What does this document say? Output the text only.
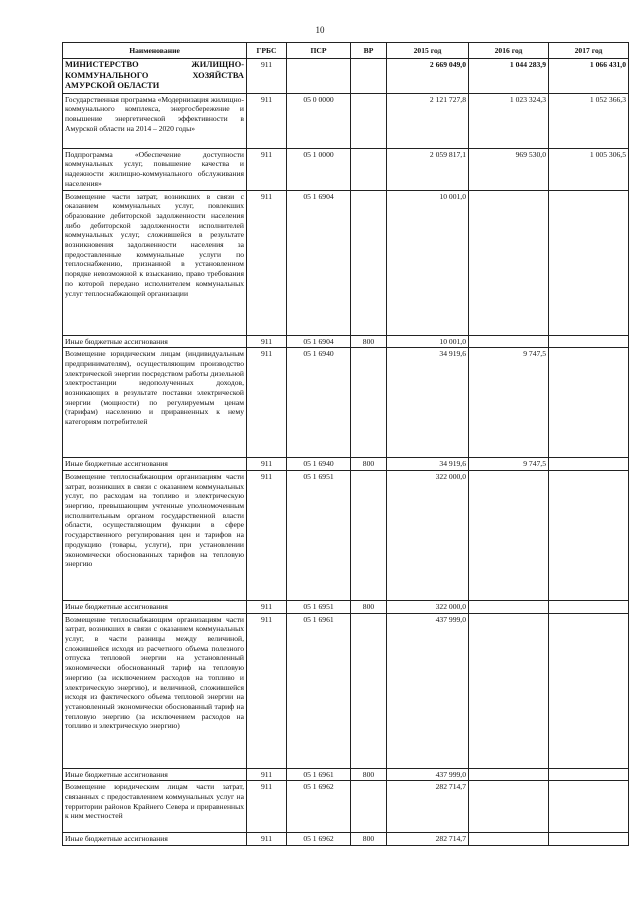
10
Наименование	ГРБС	ПСР	ВР	2015 год	2016 год	2017 год
МИНИСТЕРСТВО ЖИЛИЩНО-КОММУНАЛЬНОГО ХОЗЯЙСТВА АМУРСКОЙ ОБЛАСТИ	911			2 669 049,0	1 044 283,9	1 066 431,0
Государственная программа «Модернизация жилищно-коммунального комплекса, энергосбережение и повышение энергетической эффективности в Амурской области на 2014 – 2020 годы»	911	05 0 0000		2 121 727,8	1 023 324,3	1 052 366,3
Подпрограмма «Обеспечение доступности коммунальных услуг, повышение качества и надежности жилищно-коммунального обслуживания населения»	911	05 1 0000		2 059 817,1	969 530,0	1 005 306,5
Возмещение части затрат, возникших в связи с оказанием коммунальных услуг, повлекших образование дебиторской задолженности населения либо дебиторской задолженности исполнителей коммунальных услуг, сложившейся в результате возникновения задолженности населения за предоставленные коммунальные услуги по теплоснабжению, признанной в установленном порядке невозможной к взысканию, право требования по которой передано исполнителем коммунальных услуг теплоснабжающей организации	911	05 1 6904		10 001,0		
Иные бюджетные ассигнования	911	05 1 6904	800	10 001,0		
Возмещение юридическим лицам (индивидуальным предпринимателям), осуществляющим производство электрической энергии посредством работы дизельной электростанции недополученных доходов, возникающих в результате поставки электрической энергии (мощности) по регулируемым ценам (тарифам) населению и приравненных к нему категориям потребителей	911	05 1 6940		34 919,6	9 747,5	
Иные бюджетные ассигнования	911	05 1 6940	800	34 919,6	9 747,5	
Возмещение теплоснабжающим организациям части затрат, возникших в связи с оказанием коммунальных услуг, по расходам на топливо и электрическую энергию, превышающим учтенные уполномоченным исполнительным органом государственной власти области, осуществляющим функции в сфере государственного регулирования цен и тарифов на продукцию (товары, услуги), при установлении экономически обоснованных тарифов на тепловую энергию	911	05 1 6951		322 000,0		
Иные бюджетные ассигнования	911	05 1 6951	800	322 000,0		
Возмещение теплоснабжающим организациям части затрат, возникших в связи с оказанием коммунальных услуг, в части разницы между величиной, сложившейся исходя из расчетного объема полезного отпуска тепловой энергии на установленный экономически обоснованный тариф на тепловую энергию (за исключением расходов на топливо и электрическую энергию), и величиной, сложившейся исходя из фактического объема тепловой энергии на установленный экономически обоснованный тариф на тепловую энергию (за исключением расходов на топливо и электрическую энергию)	911	05 1 6961		437 999,0		
Иные бюджетные ассигнования	911	05 1 6961	800	437 999,0		
Возмещение юридическим лицам части затрат, связанных с предоставлением коммунальных услуг на территории районов Крайнего Севера и приравненных к ним местностей	911	05 1 6962		282 714,7		
Иные бюджетные ассигнования	911	05 1 6962	800	282 714,7		
